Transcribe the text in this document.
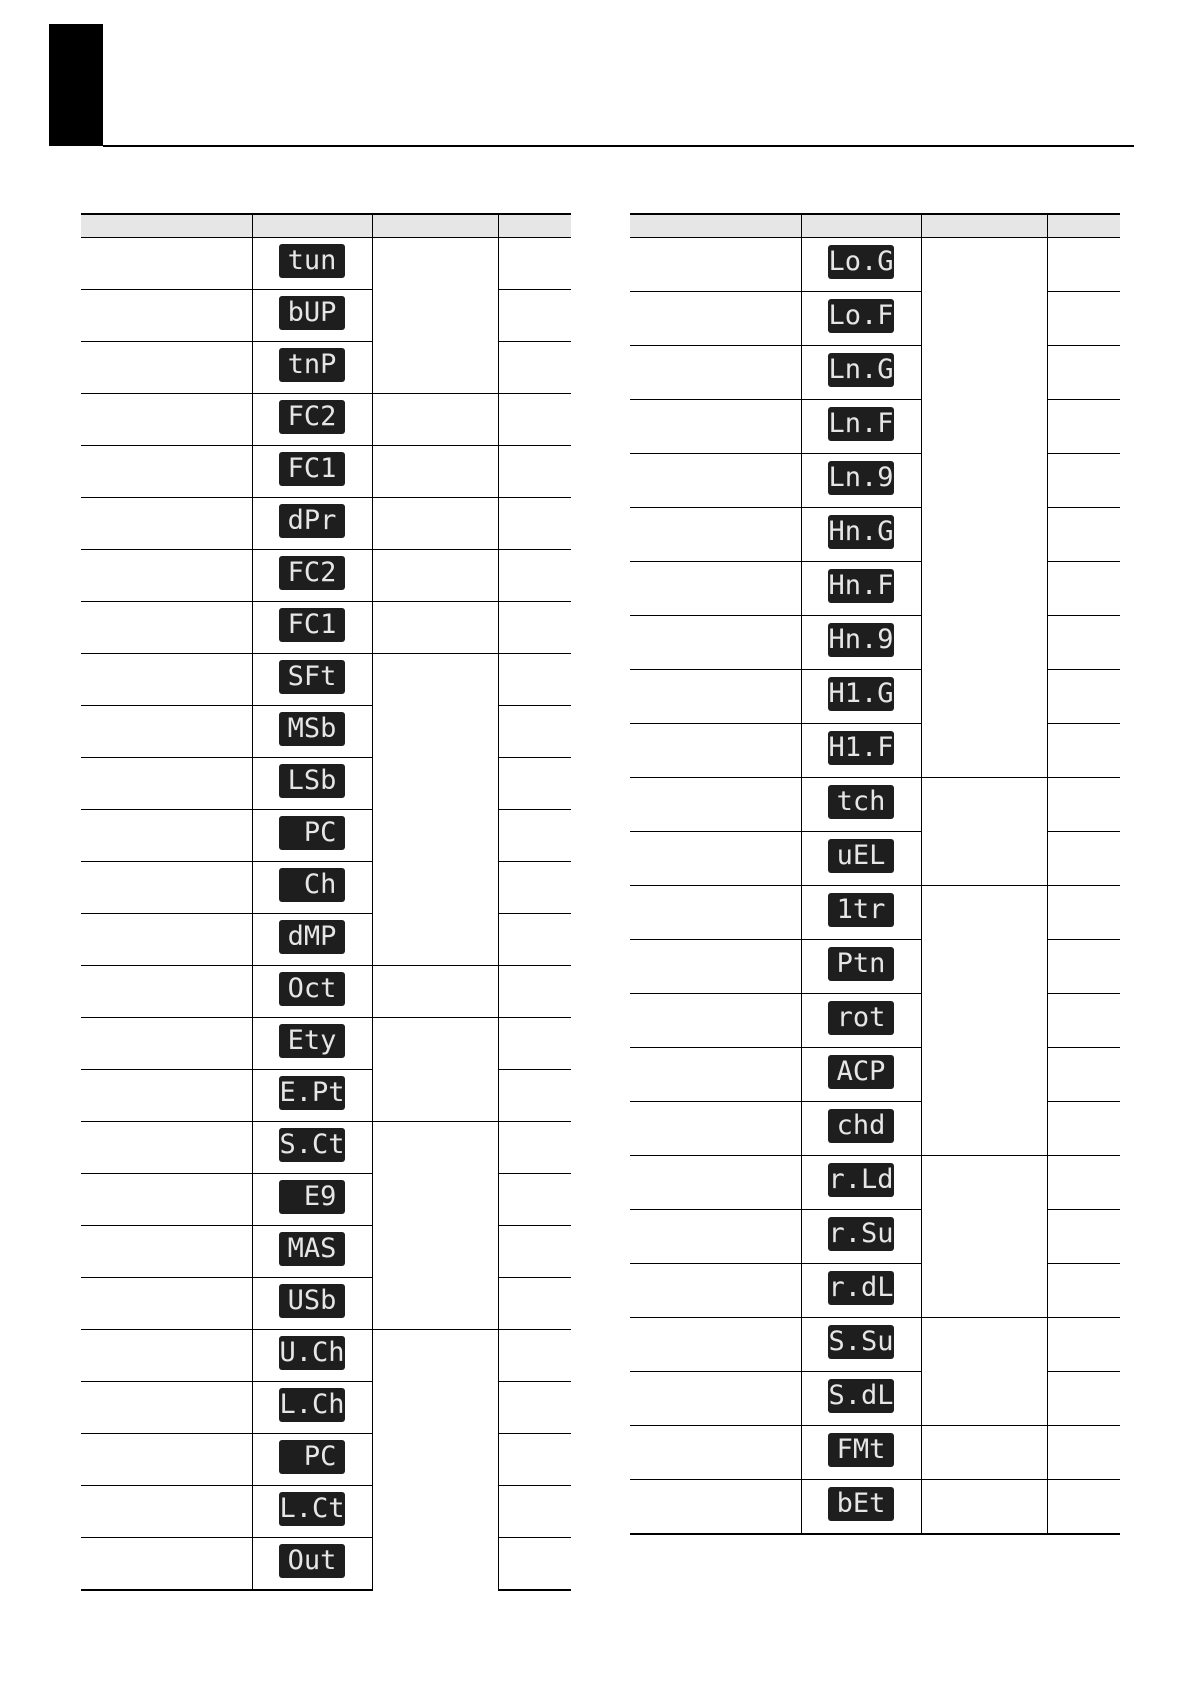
	tun		
	bUP		
	tnP		
	FC2		
	FC1		
	dPr		
	FC2		
	FC1		
	SFt		
	MSb		
	LSb		
	PC		
	Ch		
	dMP		
	Oct		
	Ety		
	E.Pt		
	S.Ct		
	E9		
	MAS		
	USb		
	U.Ch		
	L.Ch		
	PC		
	L.Ct		
	Out		

	Lo.G		
	Lo.F		
	Ln.G		
	Ln.F		
	Ln.9		
	Hn.G		
	Hn.F		
	Hn.9		
	H1.G		
	H1.F		
	tch		
	uEL		
	1tr		
	Ptn		
	rot		
	ACP		
	chd		
	r.Ld		
	r.Su		
	r.dL		
	S.Su		
	S.dL		
	FMt		
	bEt		
